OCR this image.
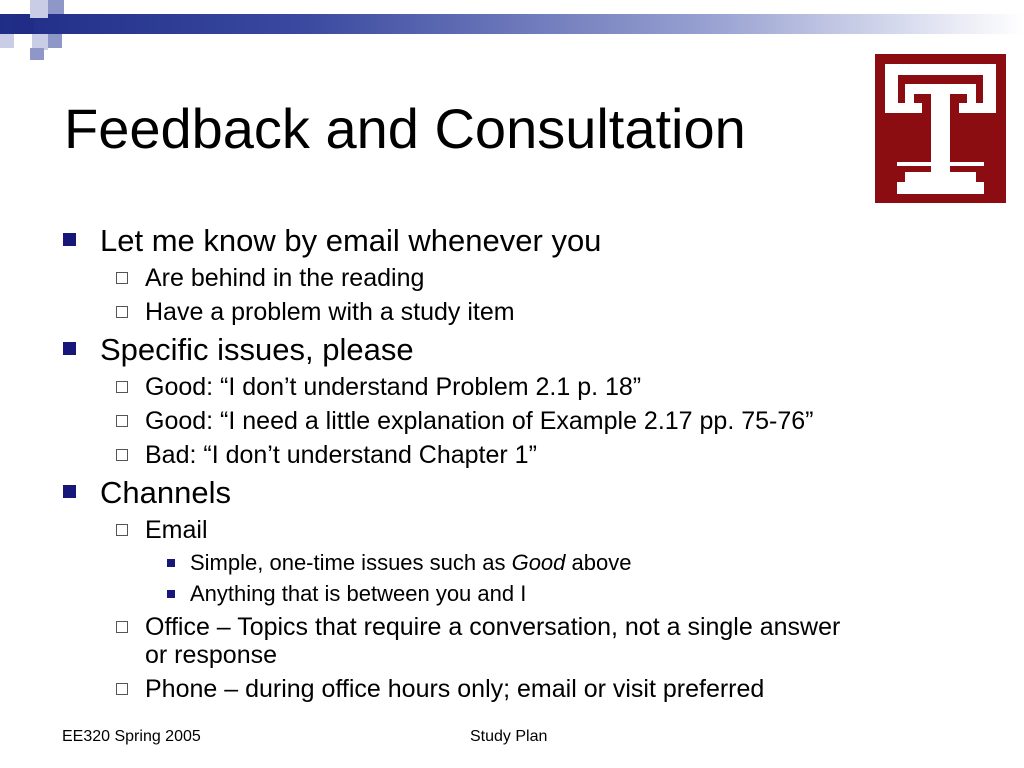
Feedback and Consultation
Let me know by email whenever you
Are behind in the reading
Have a problem with a study item
Specific issues, please
Good: “I don’t understand Problem 2.1 p. 18”
Good: “I need a little explanation of Example 2.17 pp. 75-76”
Bad: “I don’t understand Chapter 1”
Channels
Email
Simple, one-time issues such as Good above
Anything that is between you and I
Office – Topics that require a conversation, not a single answer
or response
Phone – during office hours only; email or visit preferred
EE320 Spring 2005	Study Plan
